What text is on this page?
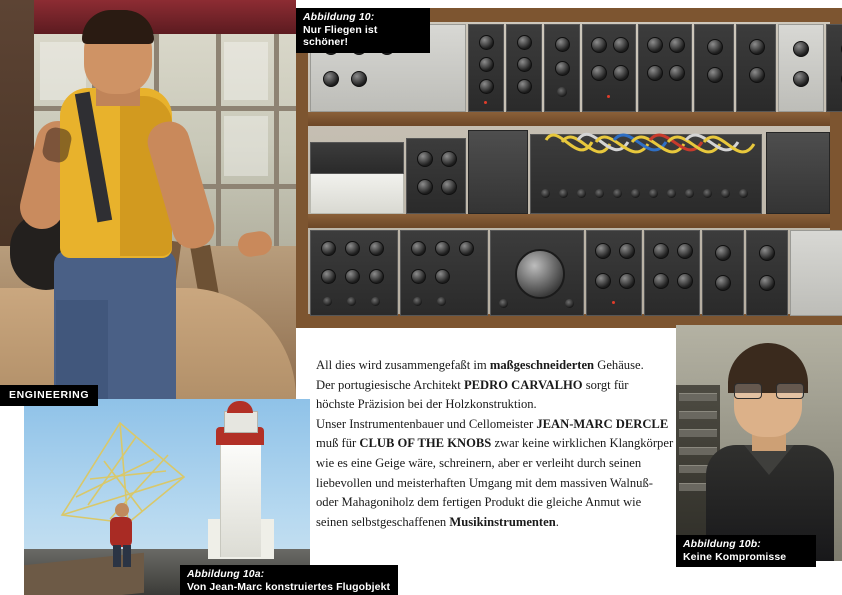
Abbildung 10:
Nur Fliegen ist schöner!
Abbildung 10a:
Von Jean-Marc konstruiertes Flugobjekt
ENGINEERING
Abbildung 10b:
Keine Kompromisse
All dies wird zusammengefaßt im maßgeschneiderten Gehäuse.
Der portugiesische Architekt PEDRO CARVALHO sorgt für
höchste Präzision bei der Holzkonstruktion.
Unser Instrumentenbauer und Cellomeister JEAN-MARC DERCLE
muß für CLUB OF THE KNOBS zwar keine wirklichen Klangkörper
wie es eine Geige wäre, schreinern, aber er verleiht durch seinen
liebevollen und meisterhaften Umgang mit dem massiven Walnuß-
oder Mahagoniholz dem fertigen Produkt die gleiche Anmut wie
seinen selbstgeschaffenen Musikinstrumenten.
